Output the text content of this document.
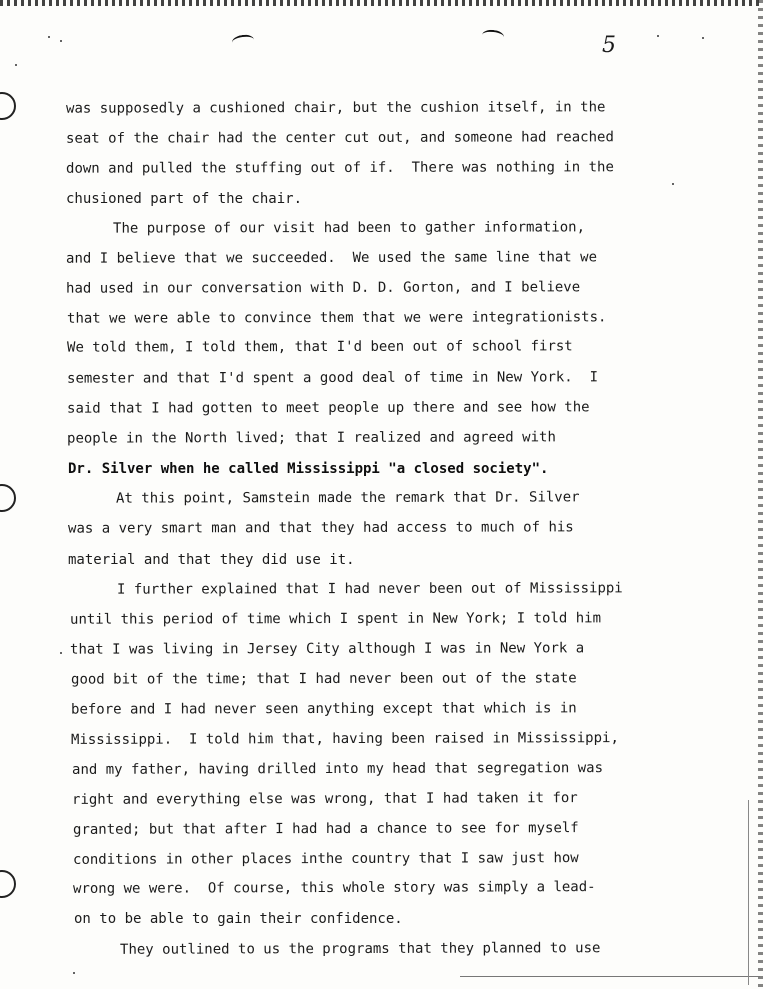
5

was supposedly a cushioned chair, but the cushion itself, in the

seat of the chair had the center cut out, and someone had reached

down and pulled the stuffing out of if.  There was nothing in the

chusioned part of the chair.

The purpose of our visit had been to gather information,

and I believe that we succeeded.  We used the same line that we

had used in our conversation with D. D. Gorton, and I believe

that we were able to convince them that we were integrationists.

We told them, I told them, that I'd been out of school first

semester and that I'd spent a good deal of time in New York.  I

said that I had gotten to meet people up there and see how the

people in the North lived; that I realized and agreed with

Dr. Silver when he called Mississippi "a closed society".

At this point, Samstein made the remark that Dr. Silver

was a very smart man and that they had access to much of his

material and that they did use it.

I further explained that I had never been out of Mississippi

until this period of time which I spent in New York; I told him

that I was living in Jersey City although I was in New York a

good bit of the time; that I had never been out of the state

before and I had never seen anything except that which is in

Mississippi.  I told him that, having been raised in Mississippi,

and my father, having drilled into my head that segregation was

right and everything else was wrong, that I had taken it for

granted; but that after I had had a chance to see for myself

conditions in other places inthe country that I saw just how

wrong we were.  Of course, this whole story was simply a lead-

on to be able to gain their confidence.

They outlined to us the programs that they planned to use
